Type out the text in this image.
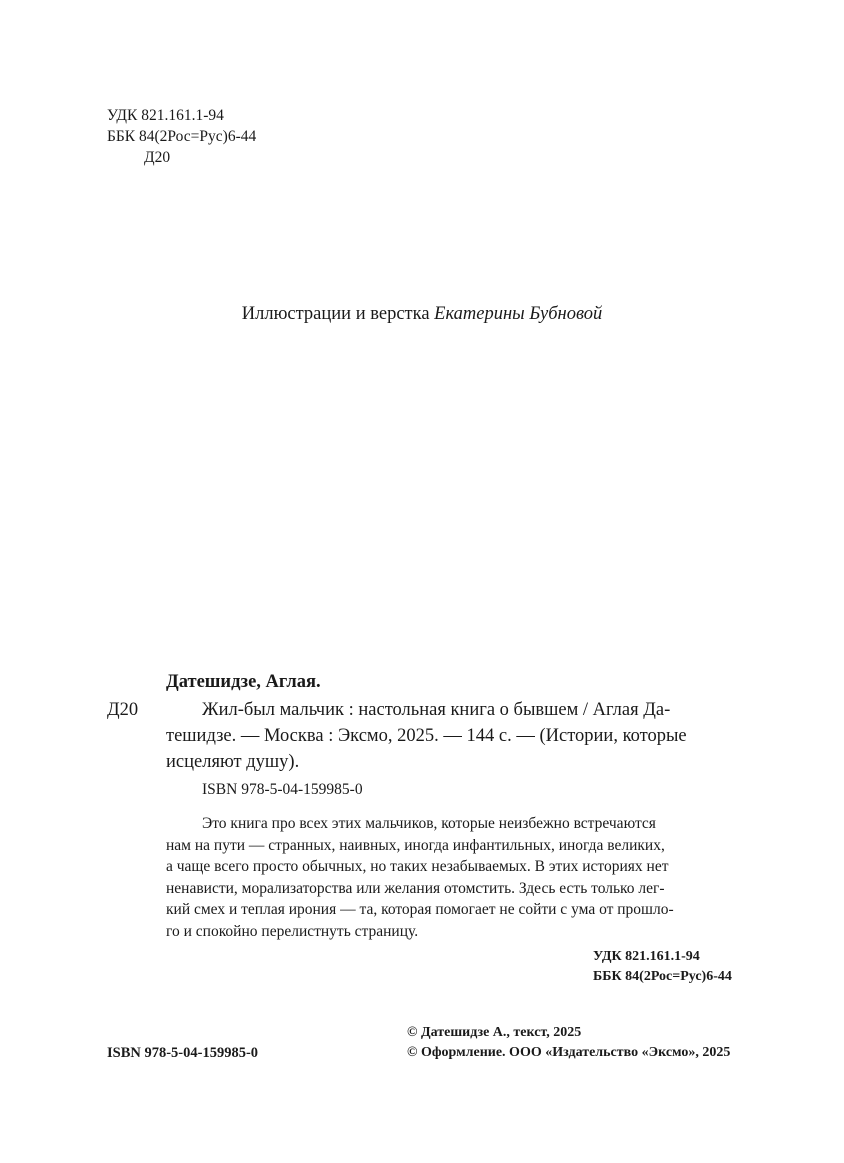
УДК 821.161.1-94
ББК 84(2Рос=Рус)6-44
Д20
Иллюстрации и верстка Екатерины Бубновой
Датешидзе, Аглая.
Д20	Жил-был мальчик : настольная книга о бывшем / Аглая Да-
тешидзе. — Москва : Эксмо, 2025. — 144 с. — (Истории, которые
исцеляют душу).
ISBN 978-5-04-159985-0
Это книга про всех этих мальчиков, которые неизбежно встречаются
нам на пути — странных, наивных, иногда инфантильных, иногда великих,
а чаще всего просто обычных, но таких незабываемых. В этих историях нет
ненависти, морализаторства или желания отомстить. Здесь есть только лег-
кий смех и теплая ирония — та, которая помогает не сойти с ума от прошло-
го и спокойно перелистнуть страницу.
УДК 821.161.1-94
ББК 84(2Рос=Рус)6-44
ISBN 978-5-04-159985-0
© Датешидзе А., текст, 2025
© Оформление. ООО «Издательство «Эксмо», 2025
